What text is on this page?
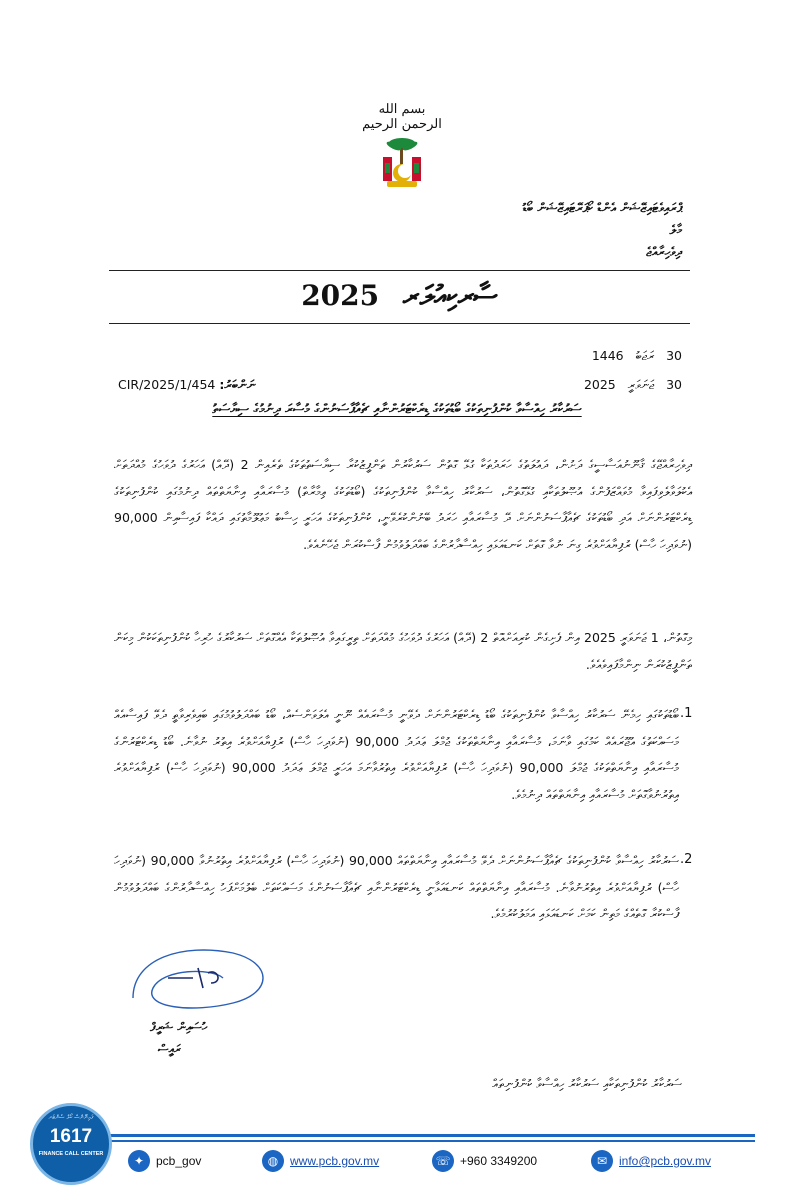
بسم الله الرحمن الرحيم
ޕްރައިވެޓައިޒޭޝަން އެންޑް ކޯޕަރޭޓައިޒޭޝަން ބޯޑު
މާލެ
ދިވެހިރާއްޖެ
ސާރކިއުލަރ 2025
30 ރަޖަބު 1446
30 ޖަނަވަރީ 2025
ނަންބަރު: 454/CIR/2025/1
ސަރުކާރު ހިއްސާވާ ކުންފުނިތަކުގެ ބޯޑުތަކުގެ ޑިރެކްޓަރުންނާއި ޗެއާޕާސަނުންގެ މުސާރަ ދިނުމުގެ ސިޔާސަތު
ދިވެހިރާއްޖޭގެ ޤާނޫނުއަސާސީގެ ދަށުން، ދައުލަތުގެ ހަރަދުތަކާ ގުޅޭ ގޮތުން ސަރުކާރުން ތަންފީޒުކުރާ ސިޔާސަތުތަކުގެ ތެރެއިން 2 (ދޭއް) އަހަރުގެ ދުވަހުގެ މުއްދަތަށް އެކުލަވާލެވިފައިވާ މުވައްޒަފުންގެ އުޞޫލުތަކާއި ގުޅޭގޮތުން، ސަރުކާރު ހިއްސާވާ ކުންފުނިތަކުގެ (ބޯޑުތަކުގެ ޢިމާރާތް) މުސާރައާއި އިނާޔަތްތައް ދިނުމުގައި ކުންފުނިތަކުގެ ޑިރެކްޓަރުންނަށް އަދި ބޯޑުތަކުގެ ޗެއާޕާސަނުންނަށް ދޭ މުސާރައާއި ހަރަދު ބޭނުންކުރެވޭނީ، ކުންފުނިތަކުގެ އަހަރީ ހިސާބު މަޢުލޫމާތުގައި ދައްކާ ފައިސާއިން 90,000 (ނުވަދިހަ ހާސް) ރުފިޔާއަށްވުރެ ގިނަ ނުވާ ގޮތަށް ކަނޑައަޅައި ހިއްސާދާރުންގެ ބައްދަލުވުމުން ފާސްކުރަން ޖެހޭނެއެވެ.
މިގޮތުން، 1 ޖަނަވަރީ 2025 އިން ފެށިގެން ކުރިއަށްއޮތް 2 (ދޭއް) އަހަރުގެ ދުވަހުގެ މުއްދަތަށް ތިރީގައިވާ އުޞޫލުތަކާ އެއްގޮތަށް ސަރުކާރުގެ ހުރިހާ ކުންފުނިތަކަކުން މިކަން ތަންފީޒުކުރަން ނިންމާފައިވެއެވެ.
.1
ބޯޑުތަކުގައި ހިމެނޭ ސަރުކާރު ހިއްސާވާ ކުންފުނިތަކުގެ ބޯޑު ޑިރެކްޓަރުންނަށް ދެވޭނީ މުސާރައެއް ނޫނީ އެލަވަންސެއް، ބޯޑު ބައްދަލުވުމުގައި ބައިވެރިވާތީ ދެވޭ ފައިސާއެއް މަސައްކަތުގެ އުޖޫރައެއް ކަމުގައި ވާނަމަ، މުސާރައާއި އިނާޔަތްތަކުގެ ޖުމްލަ ޢަދަދު 90,000 (ނުވަދިހަ ހާސް) ރުފިޔާއަށްވުރެ އިތުރު ނުވާނެ. ބޯޑު ޑިރެކްޓަރުންގެ މުސާރައާއި އިނާޔަތްތަކުގެ ޖުމްލަ 90,000 (ނުވަދިހަ ހާސް) ރުފިޔާއަށްވުރެ އިތުރުވާނަމަ އަހަރީ ޖުމްލަ ޢަދަދު 90,000 (ނުވަދިހަ ހާސް) ރުފިޔާއަށްވުރެ އިތުރުނުވާގޮތަށް މުސާރައާއި އިނާޔަތްތައް ދިނުމެވެ.
.2
ސަރުކާރު ހިއްސާވާ ކުންފުނިތަކުގެ ޗެއާޕާސަނުންނަށް ދެވޭ މުސާރައާއި އިނާޔަތްތައް 90,000 (ނުވަދިހަ ހާސް) ރުފިޔާއަށްވުރެ އިތުރުނުވާ 90,000 (ނުވަދިހަ ހާސް) ރުފިޔާއަށްވުރެ އިތުރުނުވާނެ. މުސާރައާއި އިނާޔަތްތައް ކަނޑައަޅާނީ ޑިރެކްޓަރުންނާއި ޗެއާޕާސަނުންގެ މަސައްކަތަށް ބެލުމަށްފަހު ހިއްސާދާރުންގެ ބައްދަލުވުމުން ފާސްކުރާ ގޮތެއްގެ މަތިން ކަމަށް ކަނޑައަޅައި އަމަލުކުރުމެވެ.
ހުސައިން ޝަރީފް
ރައީސް
ސަރުކާރު ކުންފުނިތަކާއި ސަރުކާރު ހިއްސާވާ ކުންފުނިތައް
ފައިނޭންސް ކޯލް ސެންޓަރ
1617
FINANCE CALL CENTER	✦ pcb_gov	◍ www.pcb.gov.mv	☏ +960 3349200	✉ info@pcb.gov.mv
